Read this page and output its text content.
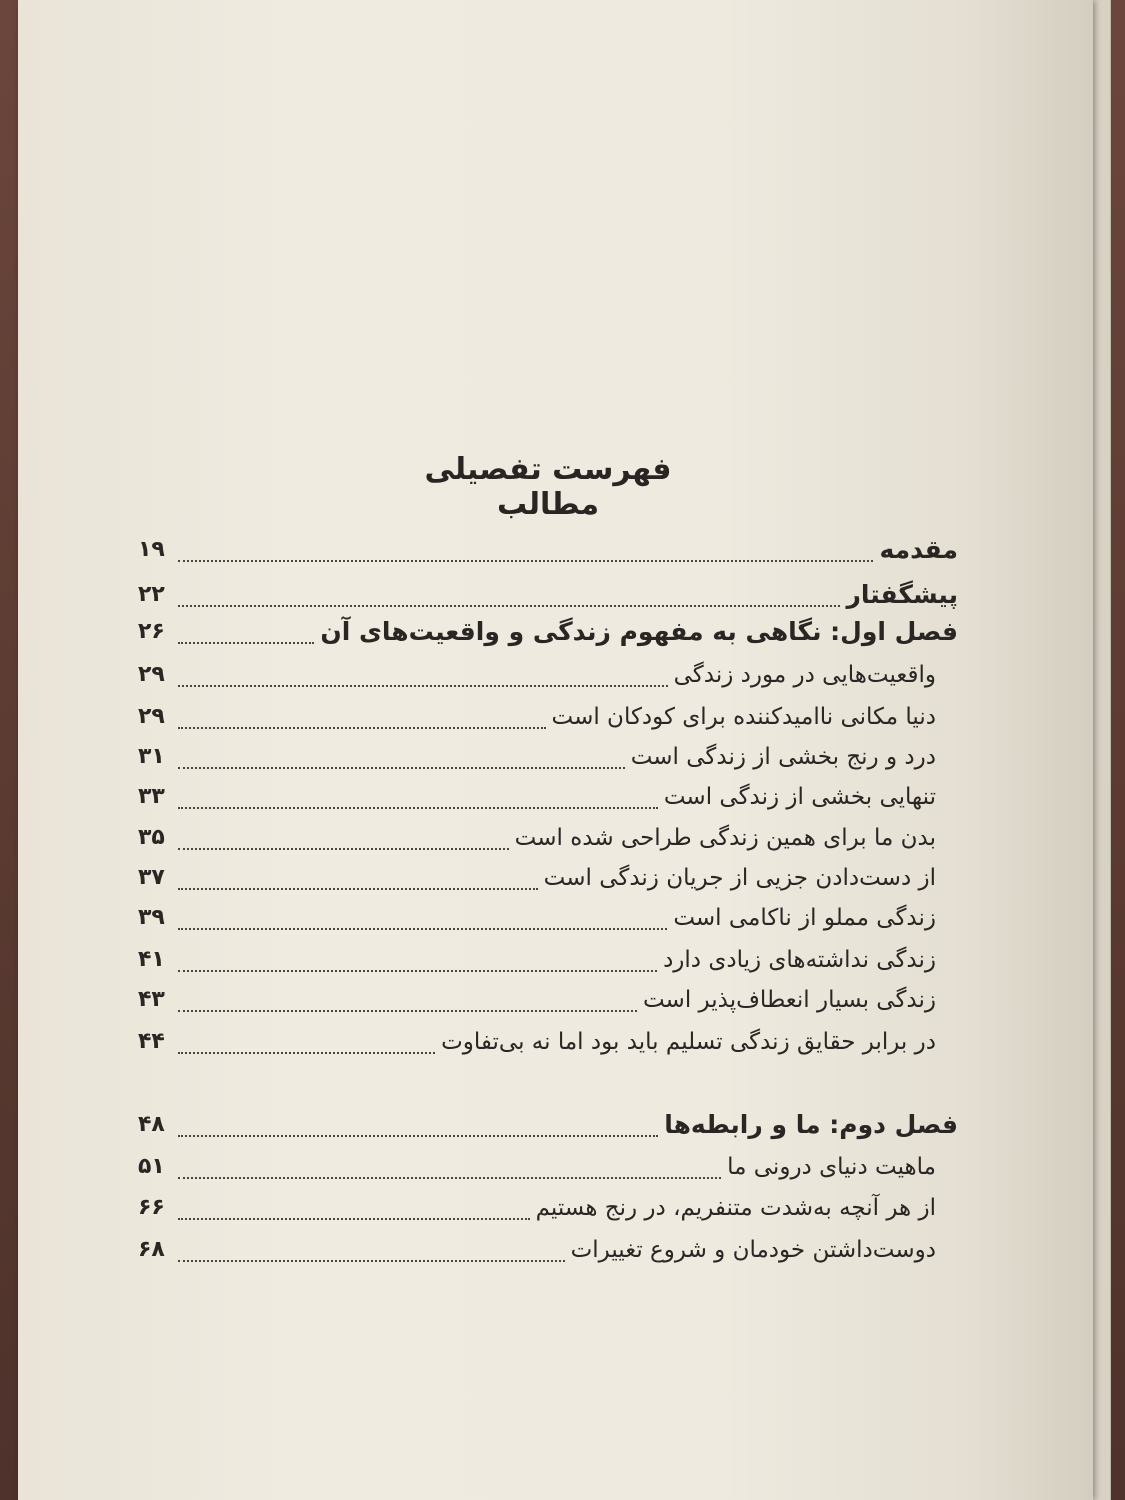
فهرست تفصیلی مطالب
مقدمه
۱۹
پیشگفتار
۲۲
فصل اول: نگاهی به مفهوم زندگی و واقعیت‌های آن
۲۶
واقعیت‌هایی در مورد زندگی
۲۹
دنیا مکانی ناامیدکننده برای کودکان است
۲۹
درد و رنج بخشی از زندگی است
۳۱
تنهایی بخشی از زندگی است
۳۳
بدن ما برای همین زندگی طراحی شده است
۳۵
از دست‌دادن جزیی از جریان زندگی است
۳۷
زندگی مملو از ناکامی است
۳۹
زندگی نداشته‌های زیادی دارد
۴۱
زندگی بسیار انعطاف‌پذیر است
۴۳
در برابر حقایق زندگی تسلیم باید بود اما نه بی‌تفاوت
۴۴
فصل دوم: ما و رابطه‌ها
۴۸
ماهیت دنیای درونی ما
۵۱
از هر آنچه به‌شدت متنفریم، در رنج هستیم
۶۶
دوست‌داشتن خودمان و شروع تغییرات
۶۸
